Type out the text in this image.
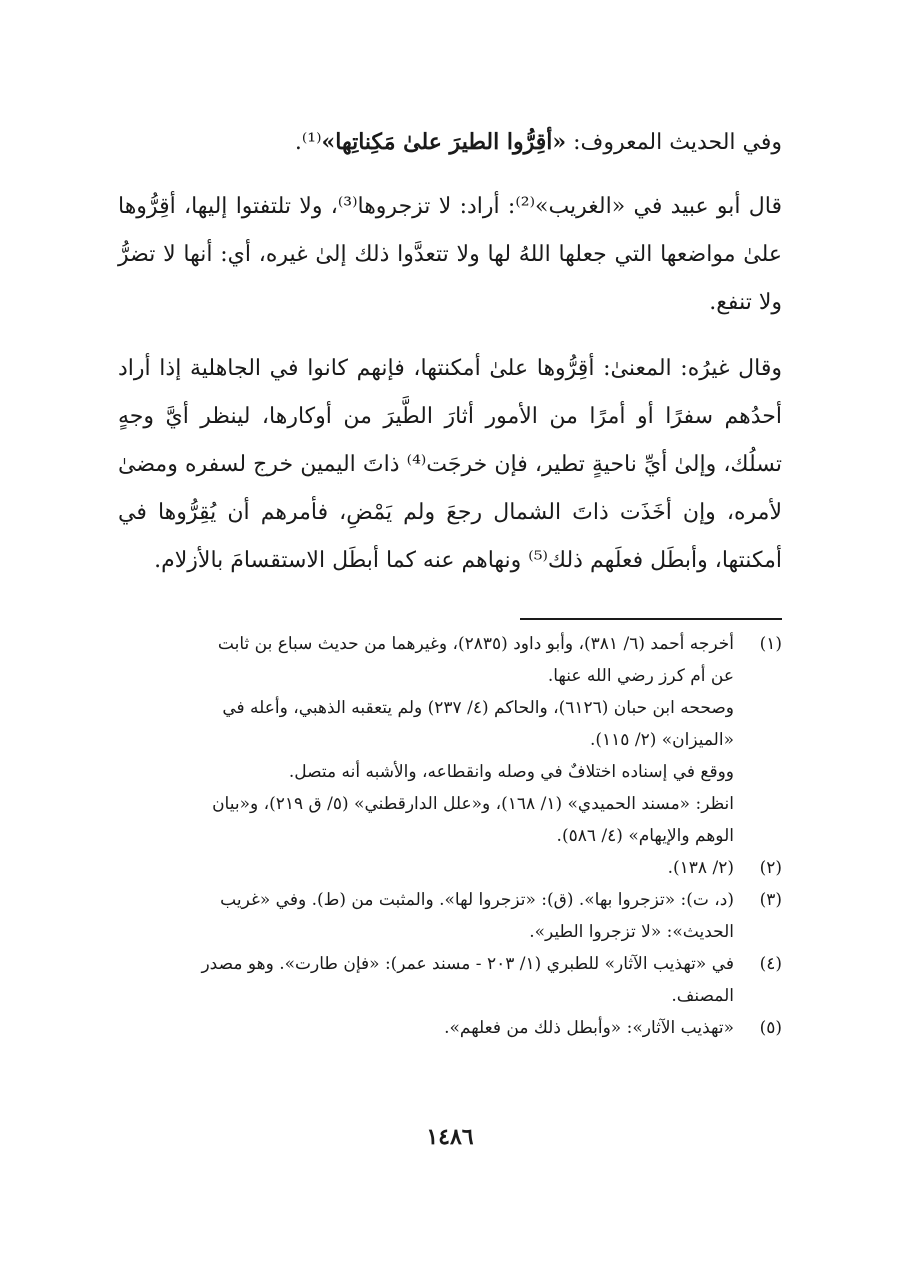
وفي الحديث المعروف: «أقِرُّوا الطيرَ علىٰ مَكِناتِها»⁽¹⁾.

قال أبو عبيد في «الغريب»⁽²⁾: أراد: لا تزجروها⁽³⁾، ولا تلتفتوا إليها، أقِرُّوها علىٰ مواضعها التي جعلها اللهُ لها ولا تتعدَّوا ذلك إلىٰ غيره، أي: أنها لا تضرُّ ولا تنفع.

وقال غيرُه: المعنىٰ: أقِرُّوها علىٰ أمكنتها، فإنهم كانوا في الجاهلية إذا أراد أحدُهم سفرًا أو أمرًا من الأمور أثارَ الطَّيرَ من أوكارها، لينظر أيَّ وجهٍ تسلُك، وإلىٰ أيِّ ناحيةٍ تطير، فإن خرجَت⁽⁴⁾ ذاتَ اليمين خرج لسفره ومضىٰ لأمره، وإن أخَذَت ذاتَ الشمال رجعَ ولم يَمْضِ، فأمرهم أن يُقِرُّوها في أمكنتها، وأبطَل فعلَهم ذلك⁽⁵⁾ ونهاهم عنه كما أبطَل الاستقسامَ بالأزلام.

(١)

أخرجه أحمد (٦/ ٣٨١)، وأبو داود (٢٨٣٥)، وغيرهما من حديث سباع بن ثابت

عن أم كرز رضي الله عنها.

وصححه ابن حبان (٦١٢٦)، والحاكم (٤/ ٢٣٧) ولم يتعقبه الذهبي، وأعله في

«الميزان» (٢/ ١١٥).

ووقع في إسناده اختلافٌ في وصله وانقطاعه، والأشبه أنه متصل.

انظر: «مسند الحميدي» (١/ ١٦٨)، و«علل الدارقطني» (٥/ ق ٢١٩)، و«بيان

الوهم والإيهام» (٤/ ٥٨٦).

(٢)

(٢/ ١٣٨).

(٣)

(د، ت): «تزجروا بها». (ق): «تزجروا لها». والمثبت من (ط). وفي «غريب

الحديث»: «لا تزجروا الطير».

(٤)

في «تهذيب الآثار» للطبري (١/ ٢٠٣ - مسند عمر): «فإن طارت». وهو مصدر

المصنف.

(٥)

«تهذيب الآثار»: «وأبطل ذلك من فعلهم».

١٤٨٦
